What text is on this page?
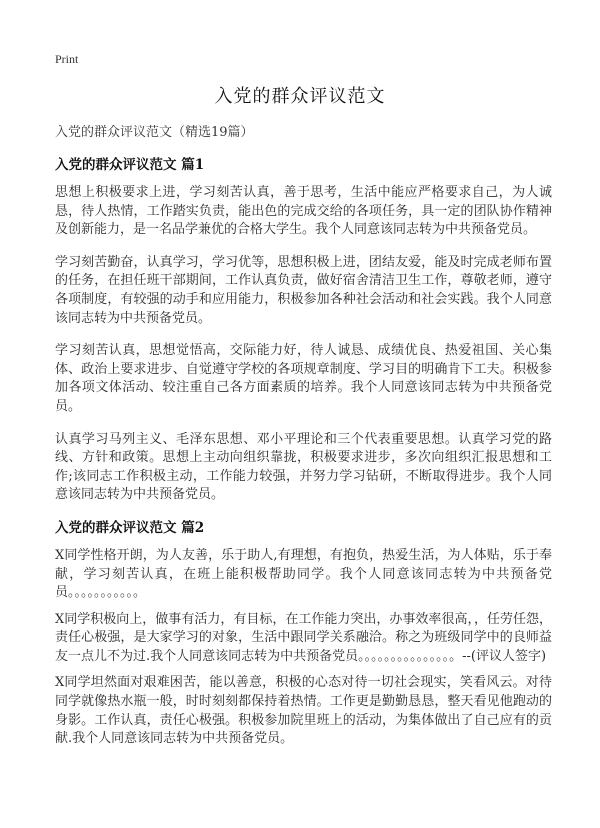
Print
入党的群众评议范文

入党的群众评议范文（精选19篇）

入党的群众评议范文 篇1

思想上积极要求上进，学习刻苦认真，善于思考，生活中能应严格要求自己，为人诚恳，待人热情，工作踏实负责，能出色的完成交给的各项任务，具一定的团队协作精神及创新能力，是一名品学兼优的合格大学生。我个人同意该同志转为中共预备党员。

学习刻苦勤奋，认真学习，学习优等，思想积极上进，团结友爱，能及时完成老师布置的任务，在担任班干部期间，工作认真负责，做好宿舍清洁卫生工作，尊敬老师，遵守各项制度，有较强的动手和应用能力，积极参加各种社会活动和社会实践。我个人同意该同志转为中共预备党员。

学习刻苦认真，思想觉悟高，交际能力好，待人诚恳、成绩优良、热爱祖国、关心集体、政治上要求进步、自觉遵守学校的各项规章制度、学习目的明确肯下工夫。积极参加各项文体活动、较注重自己各方面素质的培养。我个人同意该同志转为中共预备党员。

认真学习马列主义、毛泽东思想、邓小平理论和三个代表重要思想。认真学习党的路线、方针和政策。思想上主动向组织靠拢，积极要求进步，多次向组织汇报思想和工作;该同志工作积极主动，工作能力较强，并努力学习钻研，不断取得进步。我个人同意该同志转为中共预备党员。

入党的群众评议范文 篇2

X同学性格开朗，为人友善，乐于助人,有理想，有抱负，热爱生活，为人体贴，乐于奉献，学习刻苦认真，在班上能积极帮助同学。我个人同意该同志转为中共预备党员。。。。。。。。。。。

X同学积极向上，做事有活力，有目标，在工作能力突出，办事效率很高，，任劳任怨，责任心极强，是大家学习的对象，生活中跟同学关系融洽。称之为班级同学中的良师益友一点儿不为过.我个人同意该同志转为中共预备党员。。。。。。。。。。。。。。。--(评议人签字)

X同学坦然面对艰难困苦，能以善意，积极的心态对待一切社会现实，笑看风云。对待同学就像热水瓶一般，时时刻刻都保持着热情。工作更是勤勤恳恳，整天看见他跑动的身影。工作认真，责任心极强。积极参加院里班上的活动，为集体做出了自己应有的贡献.我个人同意该同志转为中共预备党员。
